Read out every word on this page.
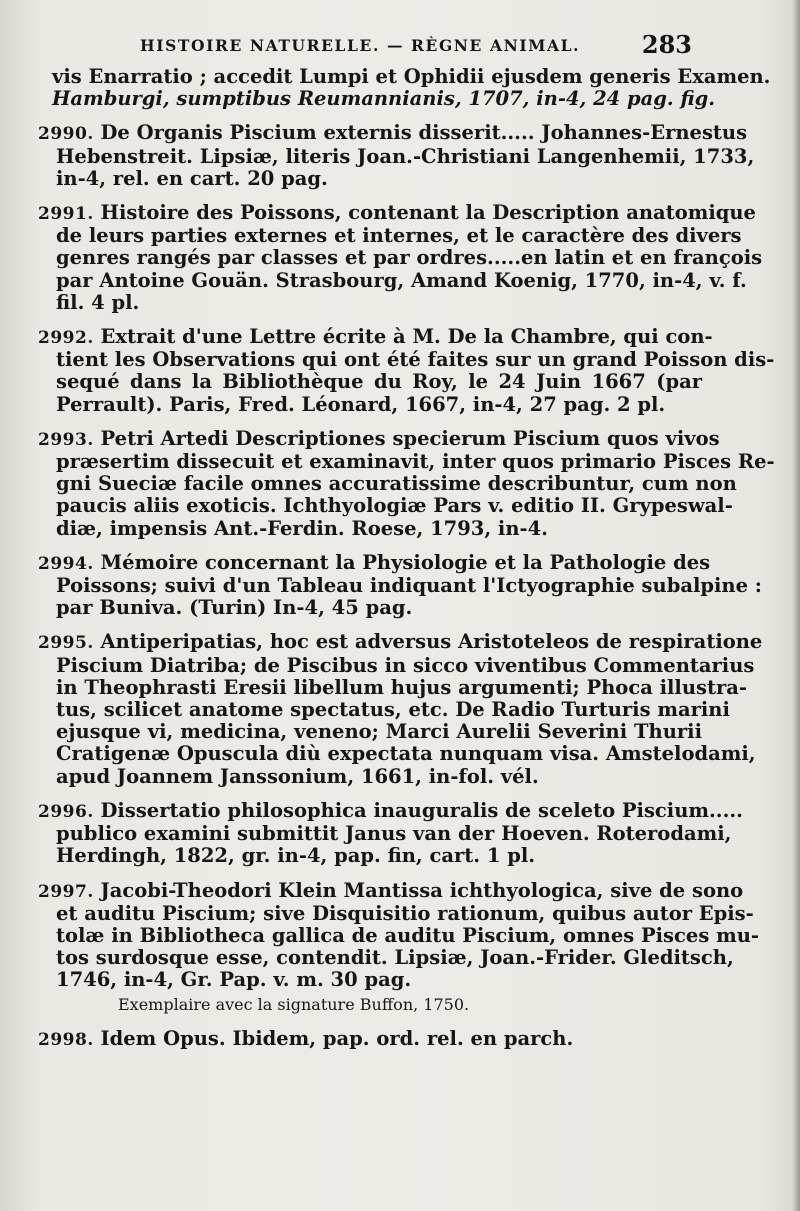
HISTOIRE NATURELLE. — RÈGNE ANIMAL.	283
vis Enarratio ; accedit Lumpi et Ophidii ejusdem generis Examen.
Hamburgi, sumptibus Reumannianis, 1707, in-4, 24 pag. fig.
2990. De Organis Piscium externis disserit..... Johannes-Ernestus
Hebenstreit. Lipsiæ, literis Joan.-Christiani Langenhemii, 1733,
in-4, rel. en cart. 20 pag.
2991. Histoire des Poissons, contenant la Description anatomique
de leurs parties externes et internes, et le caractère des divers
genres rangés par classes et par ordres.....en latin et en françois
par Antoine Gouän. Strasbourg, Amand Koenig, 1770, in-4, v. f.
fil. 4 pl.
2992. Extrait d'une Lettre écrite à M. De la Chambre, qui con-
tient les Observations qui ont été faites sur un grand Poisson dis-
sequé dans la Bibliothèque du Roy, le 24 Juin 1667 (par
Perrault). Paris, Fred. Léonard, 1667, in-4, 27 pag. 2 pl.
2993. Petri Artedi Descriptiones specierum Piscium quos vivos
præsertim dissecuit et examinavit, inter quos primario Pisces Re-
gni Sueciæ facile omnes accuratissime describuntur, cum non
paucis aliis exoticis. Ichthyologiæ Pars v. editio II. Grypeswal-
diæ, impensis Ant.-Ferdin. Roese, 1793, in-4.
2994. Mémoire concernant la Physiologie et la Pathologie des
Poissons; suivi d'un Tableau indiquant l'Ictyographie subalpine :
par Buniva. (Turin) In-4, 45 pag.
2995. Antiperipatias, hoc est adversus Aristoteleos de respiratione
Piscium Diatriba; de Piscibus in sicco viventibus Commentarius
in Theophrasti Eresii libellum hujus argumenti; Phoca illustra-
tus, scilicet anatome spectatus, etc. De Radio Turturis marini
ejusque vi, medicina, veneno; Marci Aurelii Severini Thurii
Cratigenæ Opuscula diù expectata nunquam visa. Amstelodami,
apud Joannem Janssonium, 1661, in-fol. vél.
2996. Dissertatio philosophica inauguralis de sceleto Piscium.....
publico examini submittit Janus van der Hoeven. Roterodami,
Herdingh, 1822, gr. in-4, pap. fin, cart. 1 pl.
2997. Jacobi-Theodori Klein Mantissa ichthyologica, sive de sono
et auditu Piscium; sive Disquisitio rationum, quibus autor Epis-
tolæ in Bibliotheca gallica de auditu Piscium, omnes Pisces mu-
tos surdosque esse, contendit. Lipsiæ, Joan.-Frider. Gleditsch,
1746, in-4, Gr. Pap. v. m. 30 pag.
Exemplaire avec la signature Buffon, 1750.
2998. Idem Opus. Ibidem, pap. ord. rel. en parch.
